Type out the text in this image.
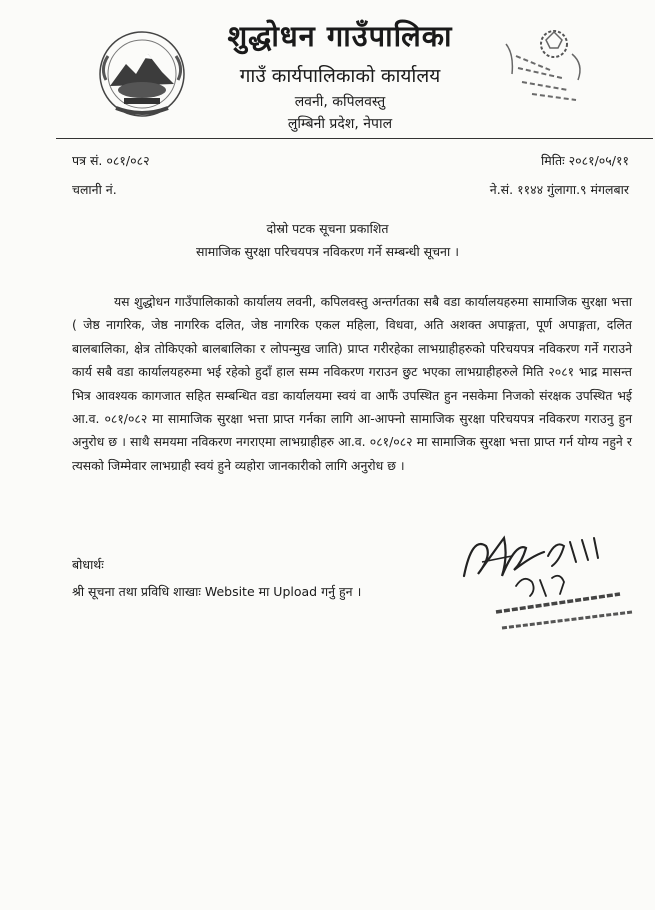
शुद्धोधन गाउँपालिका
गाउँ कार्यपालिकाको कार्यालय
लवनी, कपिलवस्तु
लुम्बिनी प्रदेश, नेपाल
पत्र सं. ०८१/०८२	मितिः २०८१/०५/११
चलानी नं.	ने.सं. ११४४ गुंलागा.९ मंगलबार
दोस्रो पटक सूचना प्रकाशित
सामाजिक सुरक्षा परिचयपत्र नविकरण गर्ने सम्बन्धी सूचना ।

यस शुद्धोधन गाउँपालिकाको कार्यालय लवनी, कपिलवस्तु अन्तर्गतका सबै वडा कार्यालयहरुमा सामाजिक सुरक्षा भत्ता ( जेष्ठ नागरिक, जेष्ठ नागरिक दलित, जेष्ठ नागरिक एकल महिला, विधवा, अति अशक्त अपाङ्गता, पूर्ण अपाङ्गता, दलित बालबालिका, क्षेत्र तोकिएको बालबालिका र लोपन्मुख जाति) प्राप्त गरीरहेका लाभग्राहीहरुको परिचयपत्र नविकरण गर्ने गराउने कार्य सबै वडा कार्यालयहरुमा भई रहेको हुदाँ हाल सम्म नविकरण गराउन छुट भएका लाभग्राहीहरुले मिति २०८१ भाद्र मासन्त भित्र आवश्यक कागजात सहित सम्बन्धित वडा कार्यालयमा स्वयं वा आफैं उपस्थित हुन नसकेमा निजको संरक्षक उपस्थित भई आ.व. ०८१/०८२ मा सामाजिक सुरक्षा भत्ता प्राप्त गर्नका लागि आ-आफ्नो सामाजिक सुरक्षा परिचयपत्र नविकरण गराउनु हुन अनुरोध छ । साथै समयमा नविकरण नगराएमा लाभग्राहीहरु आ.व. ०८१/०८२ मा सामाजिक सुरक्षा भत्ता प्राप्त गर्न योग्य नहुने र त्यसको जिम्मेवार लाभग्राही स्वयं हुने व्यहोरा जानकारीको लागि अनुरोध छ ।

बोधार्थः
श्री सूचना तथा प्रविधि शाखाः Website मा Upload गर्नु हुन ।
